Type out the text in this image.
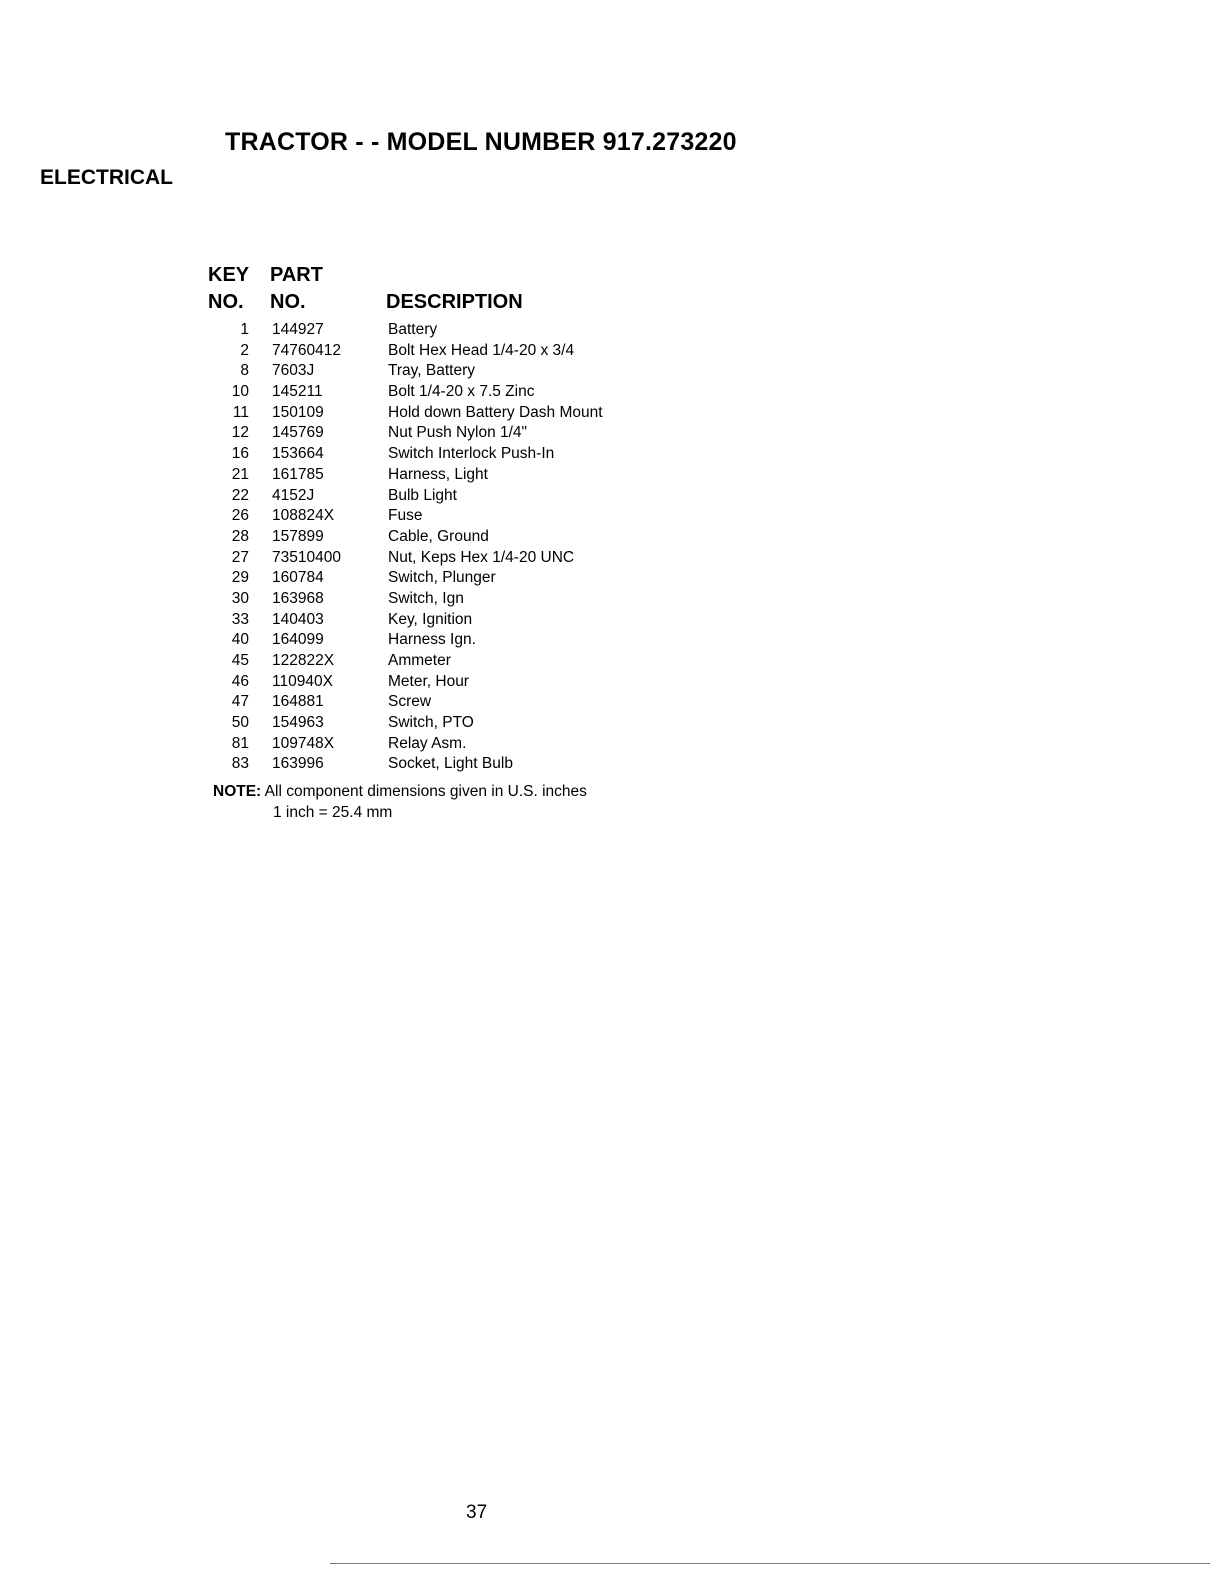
TRACTOR - - MODEL NUMBER 917.273220
ELECTRICAL
KEY
NO.
PART
NO.	DESCRIPTION
1 144927	Battery
2 74760412	Bolt Hex Head 1/4-20 x 3/4
8 7603J	Tray, Battery
10 145211	Bolt 1/4-20 x 7.5 Zinc
11 150109	Hold down Battery Dash Mount
12 145769	Nut Push Nylon 1/4"
16 153664	Switch Interlock Push-In
21 161785	Harness, Light
22 4152J	Bulb Light
26 108824X	Fuse
28 157899	Cable, Ground
27 73510400	Nut, Keps Hex 1/4-20 UNC
29 160784	Switch, Plunger
30 163968	Switch, Ign
33 140403	Key, Ignition
40 164099	Harness Ign.
45 122822X	Ammeter
46 110940X	Meter, Hour
47 164881	Screw
50 154963	Switch, PTO
81 109748X	Relay Asm.
83 163996	Socket, Light Bulb
NOTE: All component dimensions given in U.S. inches
1 inch = 25.4 mm
37
